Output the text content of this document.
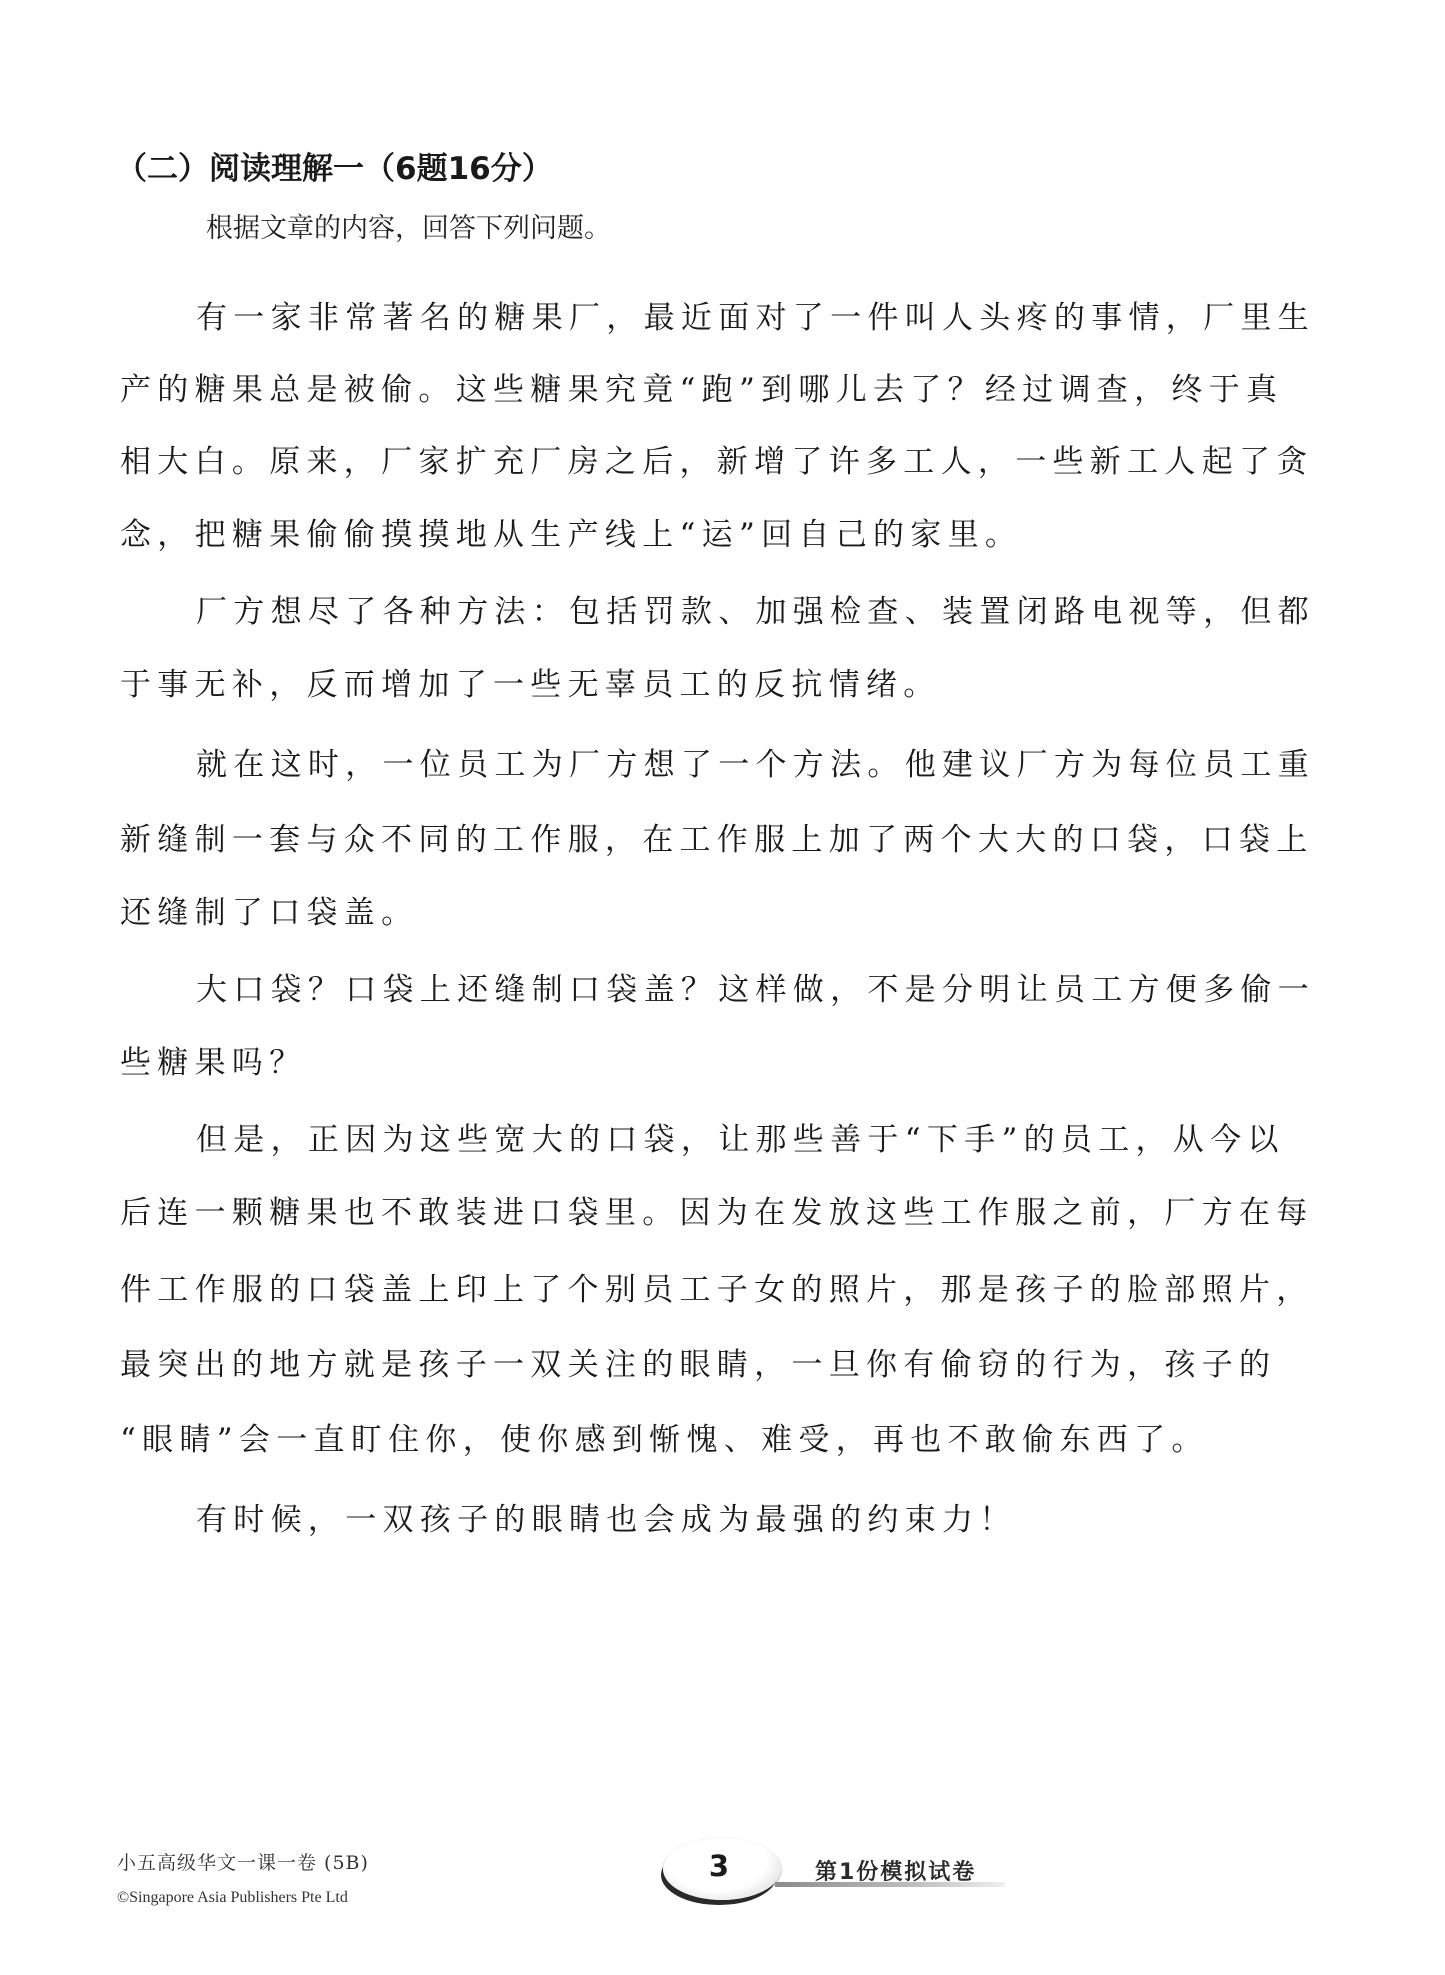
（二）阅读理解一（6题16分）
根据文章的内容，回答下列问题。
有一家非常著名的糖果厂，最近面对了一件叫人头疼的事情，厂里生
产的糖果总是被偷。这些糖果究竟“跑”到哪儿去了？经过调查，终于真
相大白。原来，厂家扩充厂房之后，新增了许多工人，一些新工人起了贪
念，把糖果偷偷摸摸地从生产线上“运”回自己的家里。
厂方想尽了各种方法：包括罚款、加强检查、装置闭路电视等，但都
于事无补，反而增加了一些无辜员工的反抗情绪。
就在这时，一位员工为厂方想了一个方法。他建议厂方为每位员工重
新缝制一套与众不同的工作服，在工作服上加了两个大大的口袋，口袋上
还缝制了口袋盖。
大口袋？口袋上还缝制口袋盖？这样做，不是分明让员工方便多偷一
些糖果吗？
但是，正因为这些宽大的口袋，让那些善于“下手”的员工，从今以
后连一颗糖果也不敢装进口袋里。因为在发放这些工作服之前，厂方在每
件工作服的口袋盖上印上了个别员工子女的照片，那是孩子的脸部照片，
最突出的地方就是孩子一双关注的眼睛，一旦你有偷窃的行为，孩子的
“眼睛”会一直盯住你，使你感到惭愧、难受，再也不敢偷东西了。
有时候，一双孩子的眼睛也会成为最强的约束力！
小五高级华文一课一卷 (5B)
©Singapore Asia Publishers Pte Ltd
3	第1份模拟试卷
